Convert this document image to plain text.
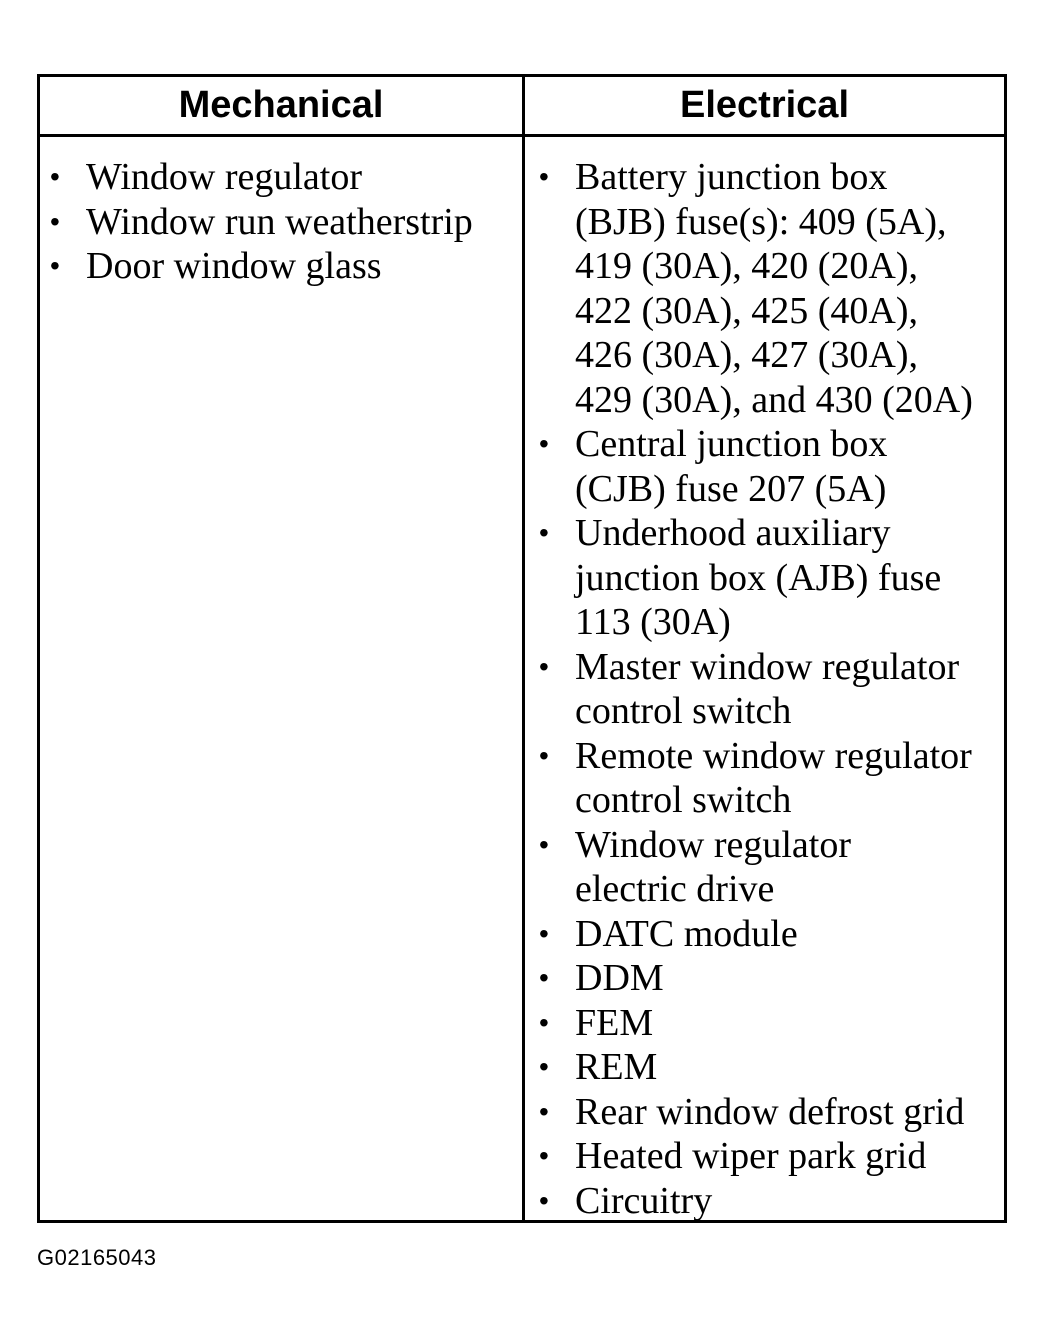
Mechanical	Electrical
• Window regulator
• Window run weatherstrip
• Door window glass
• Battery junction box
(BJB) fuse(s): 409 (5A),
419 (30A), 420 (20A),
422 (30A), 425 (40A),
426 (30A), 427 (30A),
429 (30A), and 430 (20A)
• Central junction box
(CJB) fuse 207 (5A)
• Underhood auxiliary
junction box (AJB) fuse
113 (30A)
• Master window regulator
control switch
• Remote window regulator
control switch
• Window regulator
electric drive
• DATC module
• DDM
• FEM
• REM
• Rear window defrost grid
• Heated wiper park grid
• Circuitry
G02165043
